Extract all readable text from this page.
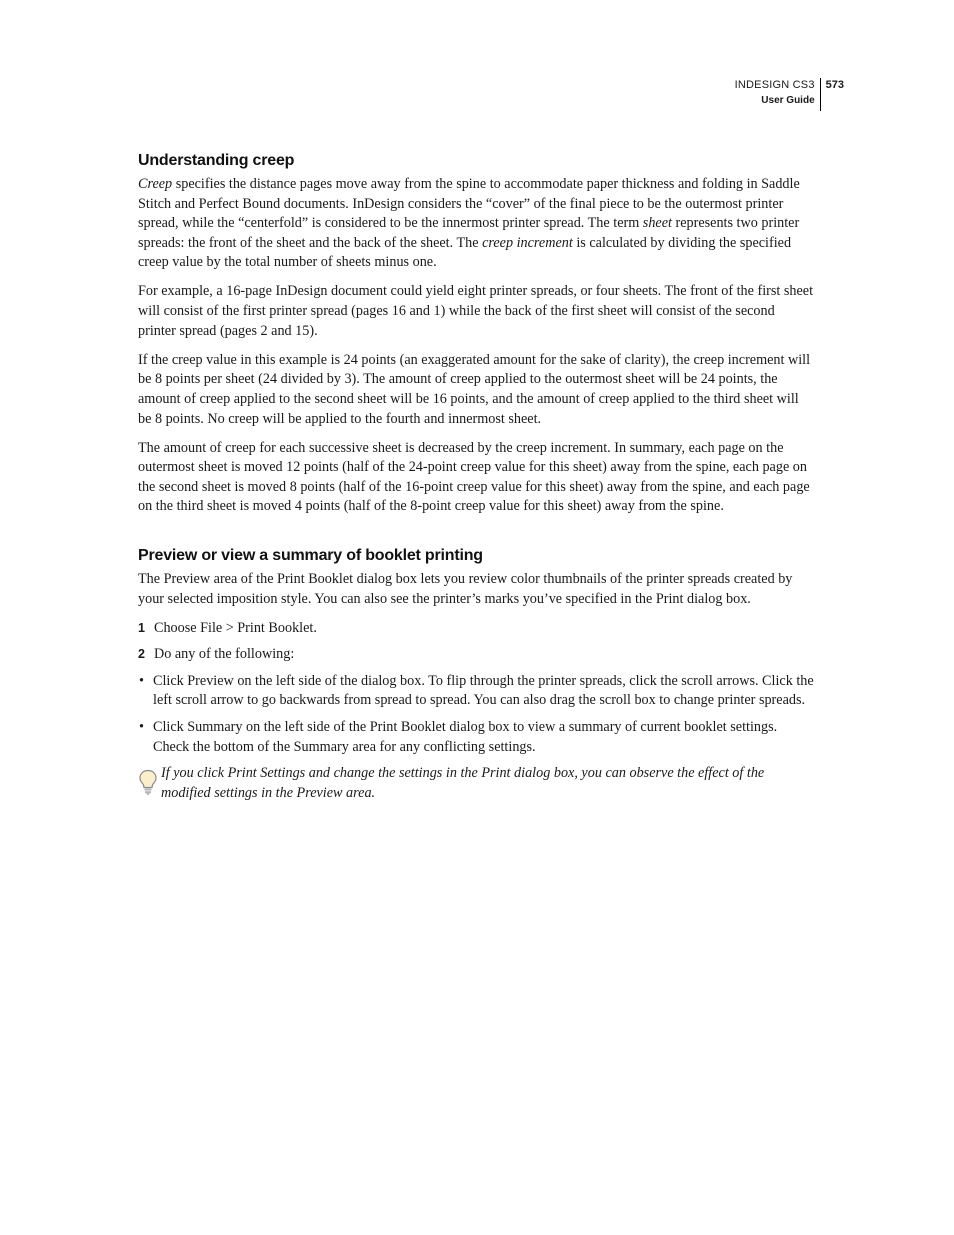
INDESIGN CS3
User Guide
573
Understanding creep

Creep specifies the distance pages move away from the spine to accommodate paper thickness and folding in Saddle Stitch and Perfect Bound documents. InDesign considers the “cover” of the final piece to be the outermost printer spread, while the “centerfold” is considered to be the innermost printer spread. The term sheet represents two printer spreads: the front of the sheet and the back of the sheet. The creep increment is calculated by dividing the specified creep value by the total number of sheets minus one.

For example, a 16-page InDesign document could yield eight printer spreads, or four sheets. The front of the first sheet will consist of the first printer spread (pages 16 and 1) while the back of the first sheet will consist of the second printer spread (pages 2 and 15).

If the creep value in this example is 24 points (an exaggerated amount for the sake of clarity), the creep increment will be 8 points per sheet (24 divided by 3). The amount of creep applied to the outermost sheet will be 24 points, the amount of creep applied to the second sheet will be 16 points, and the amount of creep applied to the third sheet will be 8 points. No creep will be applied to the fourth and innermost sheet.

The amount of creep for each successive sheet is decreased by the creep increment. In summary, each page on the outermost sheet is moved 12 points (half of the 24-point creep value for this sheet) away from the spine, each page on the second sheet is moved 8 points (half of the 16-point creep value for this sheet) away from the spine, and each page on the third sheet is moved 4 points (half of the 8-point creep value for this sheet) away from the spine.

Preview or view a summary of booklet printing

The Preview area of the Print Booklet dialog box lets you review color thumbnails of the printer spreads created by your selected imposition style. You can also see the printer’s marks you’ve specified in the Print dialog box.

1 Choose File > Print Booklet.
2 Do any of the following:
• Click Preview on the left side of the dialog box. To flip through the printer spreads, click the scroll arrows. Click the left scroll arrow to go backwards from spread to spread. You can also drag the scroll box to change printer spreads.
• Click Summary on the left side of the Print Booklet dialog box to view a summary of current booklet settings. Check the bottom of the Summary area for any conflicting settings.
If you click Print Settings and change the settings in the Print dialog box, you can observe the effect of the modified settings in the Preview area.
